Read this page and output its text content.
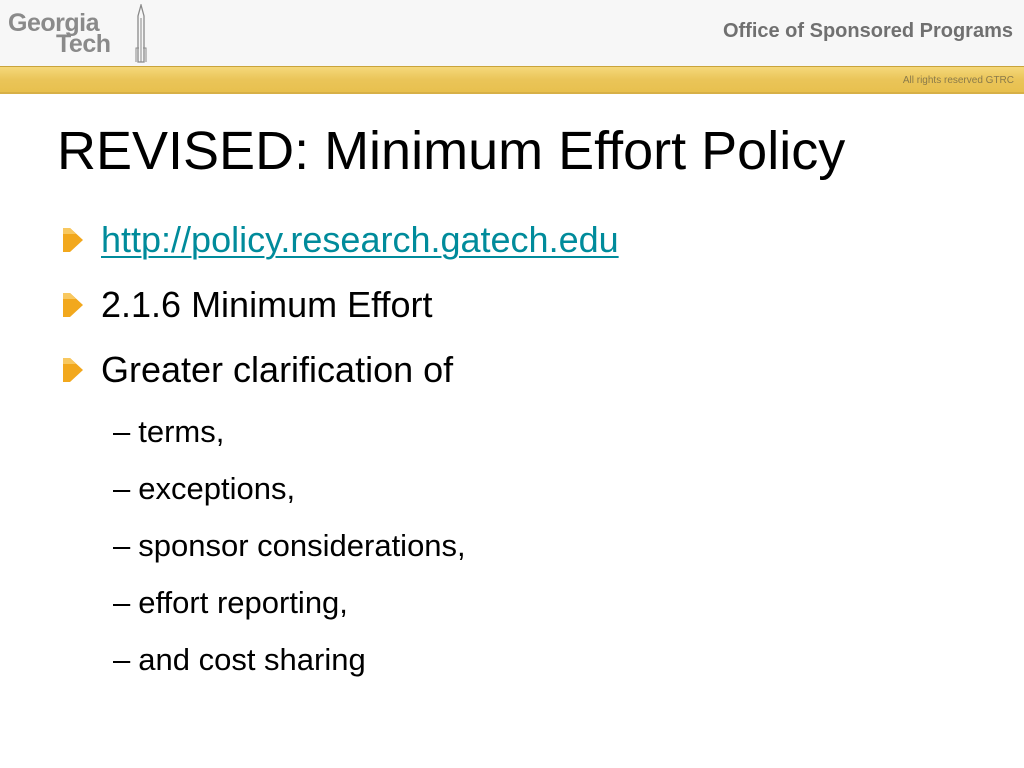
Georgia
Tech	Office of Sponsored Programs
All rights reserved GTRC
REVISED: Minimum Effort Policy
http://policy.research.gatech.edu
2.1.6 Minimum Effort
Greater clarification of
– terms,
– exceptions,
– sponsor considerations,
– effort reporting,
– and cost sharing
